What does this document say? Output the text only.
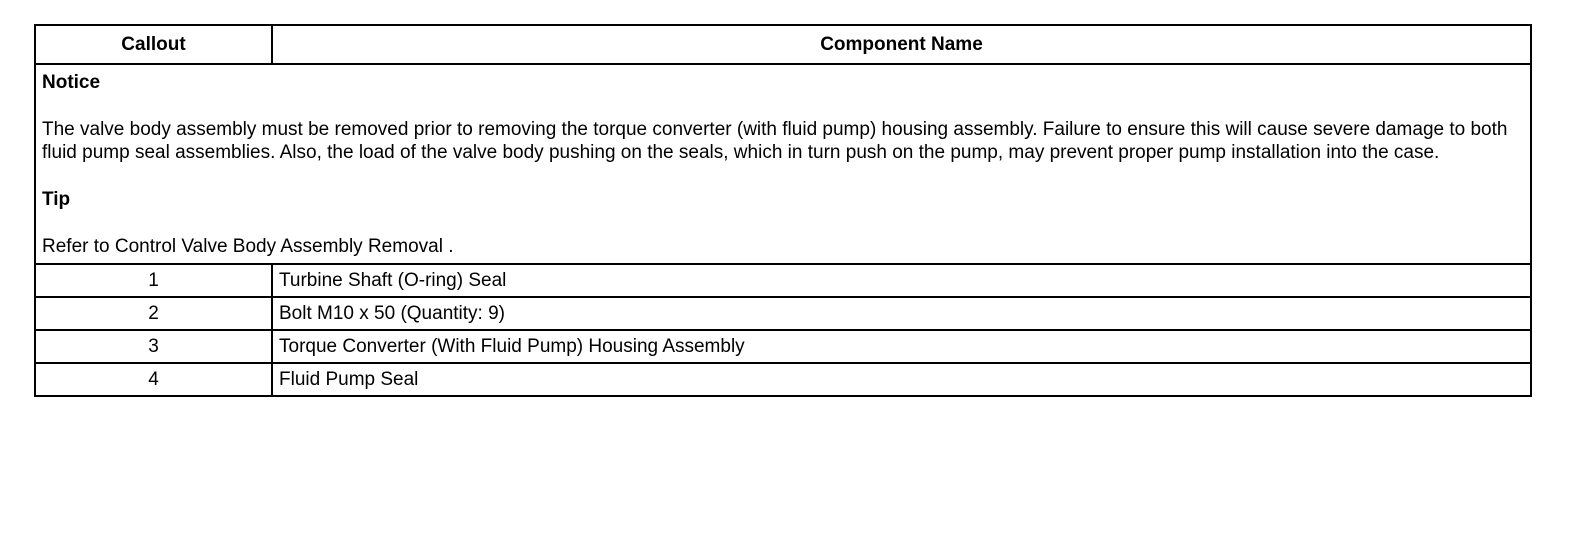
Callout	Component Name

Notice

The valve body assembly must be removed prior to removing the torque converter (with fluid pump) housing assembly. Failure to ensure this will cause severe damage to both fluid pump seal assemblies. Also, the load of the valve body pushing on the seals, which in turn push on the pump, may prevent proper pump installation into the case.

Tip

Refer to Control Valve Body Assembly Removal .	

1	Turbine Shaft (O-ring) Seal
2	Bolt M10 x 50 (Quantity: 9)
3	Torque Converter (With Fluid Pump) Housing Assembly
4	Fluid Pump Seal
